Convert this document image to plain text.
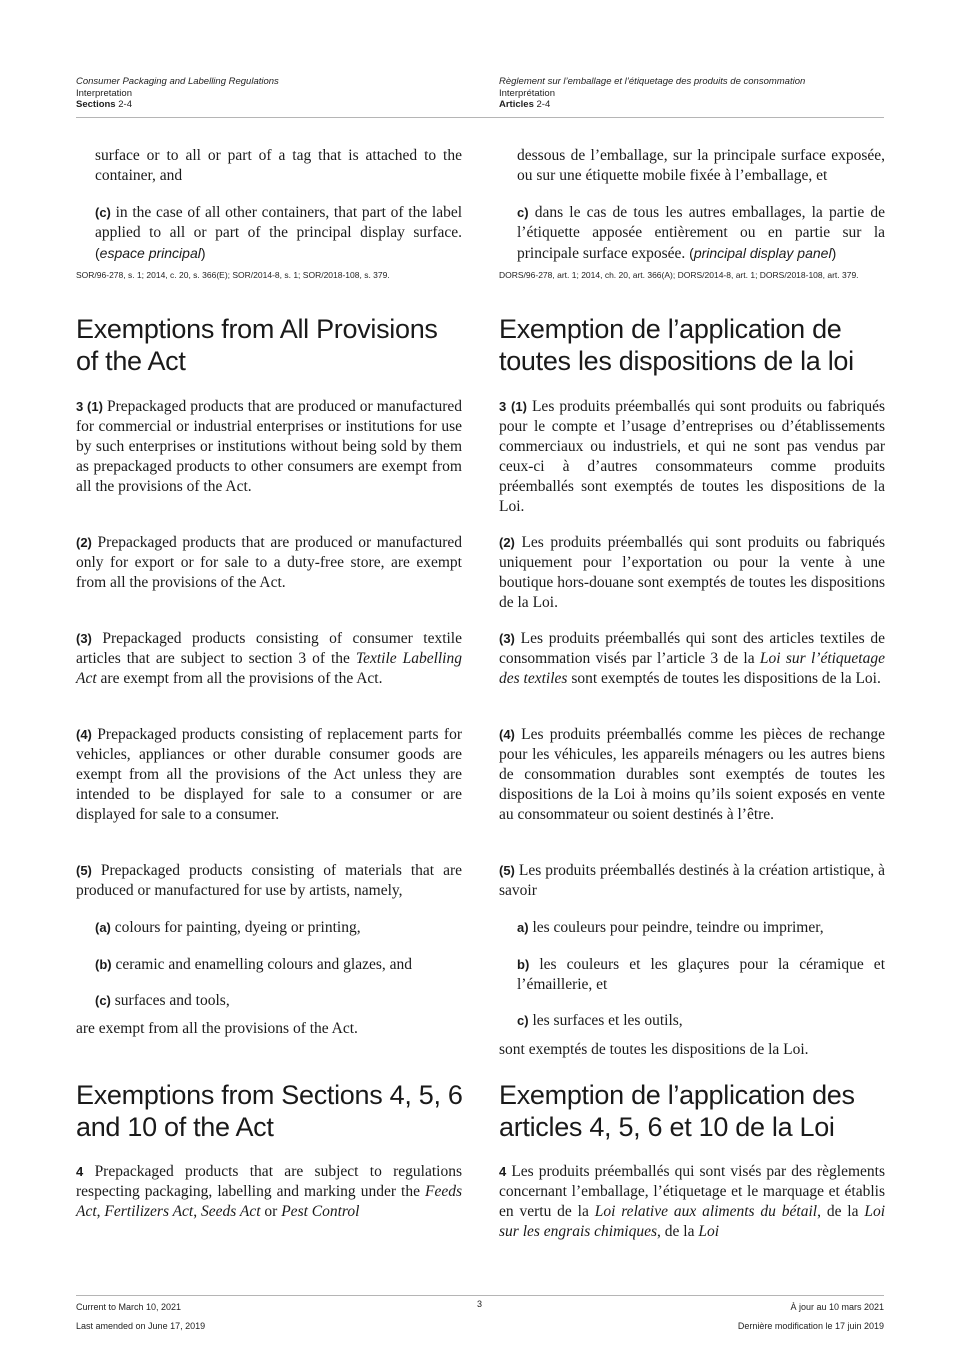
Consumer Packaging and Labelling Regulations
Interpretation
Sections 2-4
Règlement sur l’emballage et l’étiquetage des produits de consommation
Interprétation
Articles 2-4

surface or to all or part of a tag that is attached to the container, and

(c) in the case of all other containers, that part of the label applied to all or part of the principal display surface. (espace principal)

SOR/96-278, s. 1; 2014, c. 20, s. 366(E); SOR/2014-8, s. 1; SOR/2018-108, s. 379.

Exemptions from All Provisions of the Act

3 (1) Prepackaged products that are produced or manufactured for commercial or industrial enterprises or institutions for use by such enterprises or institutions without being sold by them as prepackaged products to other consumers are exempt from all the provisions of the Act.

(2) Prepackaged products that are produced or manufactured only for export or for sale to a duty-free store, are exempt from all the provisions of the Act.

(3) Prepackaged products consisting of consumer textile articles that are subject to section 3 of the Textile Labelling Act are exempt from all the provisions of the Act.

(4) Prepackaged products consisting of replacement parts for vehicles, appliances or other durable consumer goods are exempt from all the provisions of the Act unless they are intended to be displayed for sale to a consumer or are displayed for sale to a consumer.

(5) Prepackaged products consisting of materials that are produced or manufactured for use by artists, namely,

(a) colours for painting, dyeing or printing,

(b) ceramic and enamelling colours and glazes, and

(c) surfaces and tools,

are exempt from all the provisions of the Act.

Exemptions from Sections 4, 5, 6 and 10 of the Act

4 Prepackaged products that are subject to regulations respecting packaging, labelling and marking under the Feeds Act, Fertilizers Act, Seeds Act or Pest Control

dessous de l’emballage, sur la principale surface exposée, ou sur une étiquette mobile fixée à l’emballage, et

c) dans le cas de tous les autres emballages, la partie de l’étiquette apposée entièrement ou en partie sur la principale surface exposée. (principal display panel)

DORS/96-278, art. 1; 2014, ch. 20, art. 366(A); DORS/2014-8, art. 1; DORS/2018-108, art. 379.

Exemption de l’application de toutes les dispositions de la loi

3 (1) Les produits préemballés qui sont produits ou fabriqués pour le compte et l’usage d’entreprises ou d’établissements commerciaux ou industriels, et qui ne sont pas vendus par ceux-ci à d’autres consommateurs comme produits préemballés sont exemptés de toutes les dispositions de la Loi.

(2) Les produits préemballés qui sont produits ou fabriqués uniquement pour l’exportation ou pour la vente à une boutique hors-douane sont exemptés de toutes les dispositions de la Loi.

(3) Les produits préemballés qui sont des articles textiles de consommation visés par l’article 3 de la Loi sur l’étiquetage des textiles sont exemptés de toutes les dispositions de la Loi.

(4) Les produits préemballés comme les pièces de rechange pour les véhicules, les appareils ménagers ou les autres biens de consommation durables sont exemptés de toutes les dispositions de la Loi à moins qu’ils soient exposés en vente au consommateur ou soient destinés à l’être.

(5) Les produits préemballés destinés à la création artistique, à savoir

a) les couleurs pour peindre, teindre ou imprimer,

b) les couleurs et les glaçures pour la céramique et l’émaillerie, et

c) les surfaces et les outils,

sont exemptés de toutes les dispositions de la Loi.

Exemption de l’application des articles 4, 5, 6 et 10 de la Loi

4 Les produits préemballés qui sont visés par des règlements concernant l’emballage, l’étiquetage et le marquage et établis en vertu de la Loi relative aux aliments du bétail, de la Loi sur les engrais chimiques, de la Loi

Current to March 10, 2021
Last amended on June 17, 2019
3	À jour au 10 mars 2021
Dernière modification le 17 juin 2019
